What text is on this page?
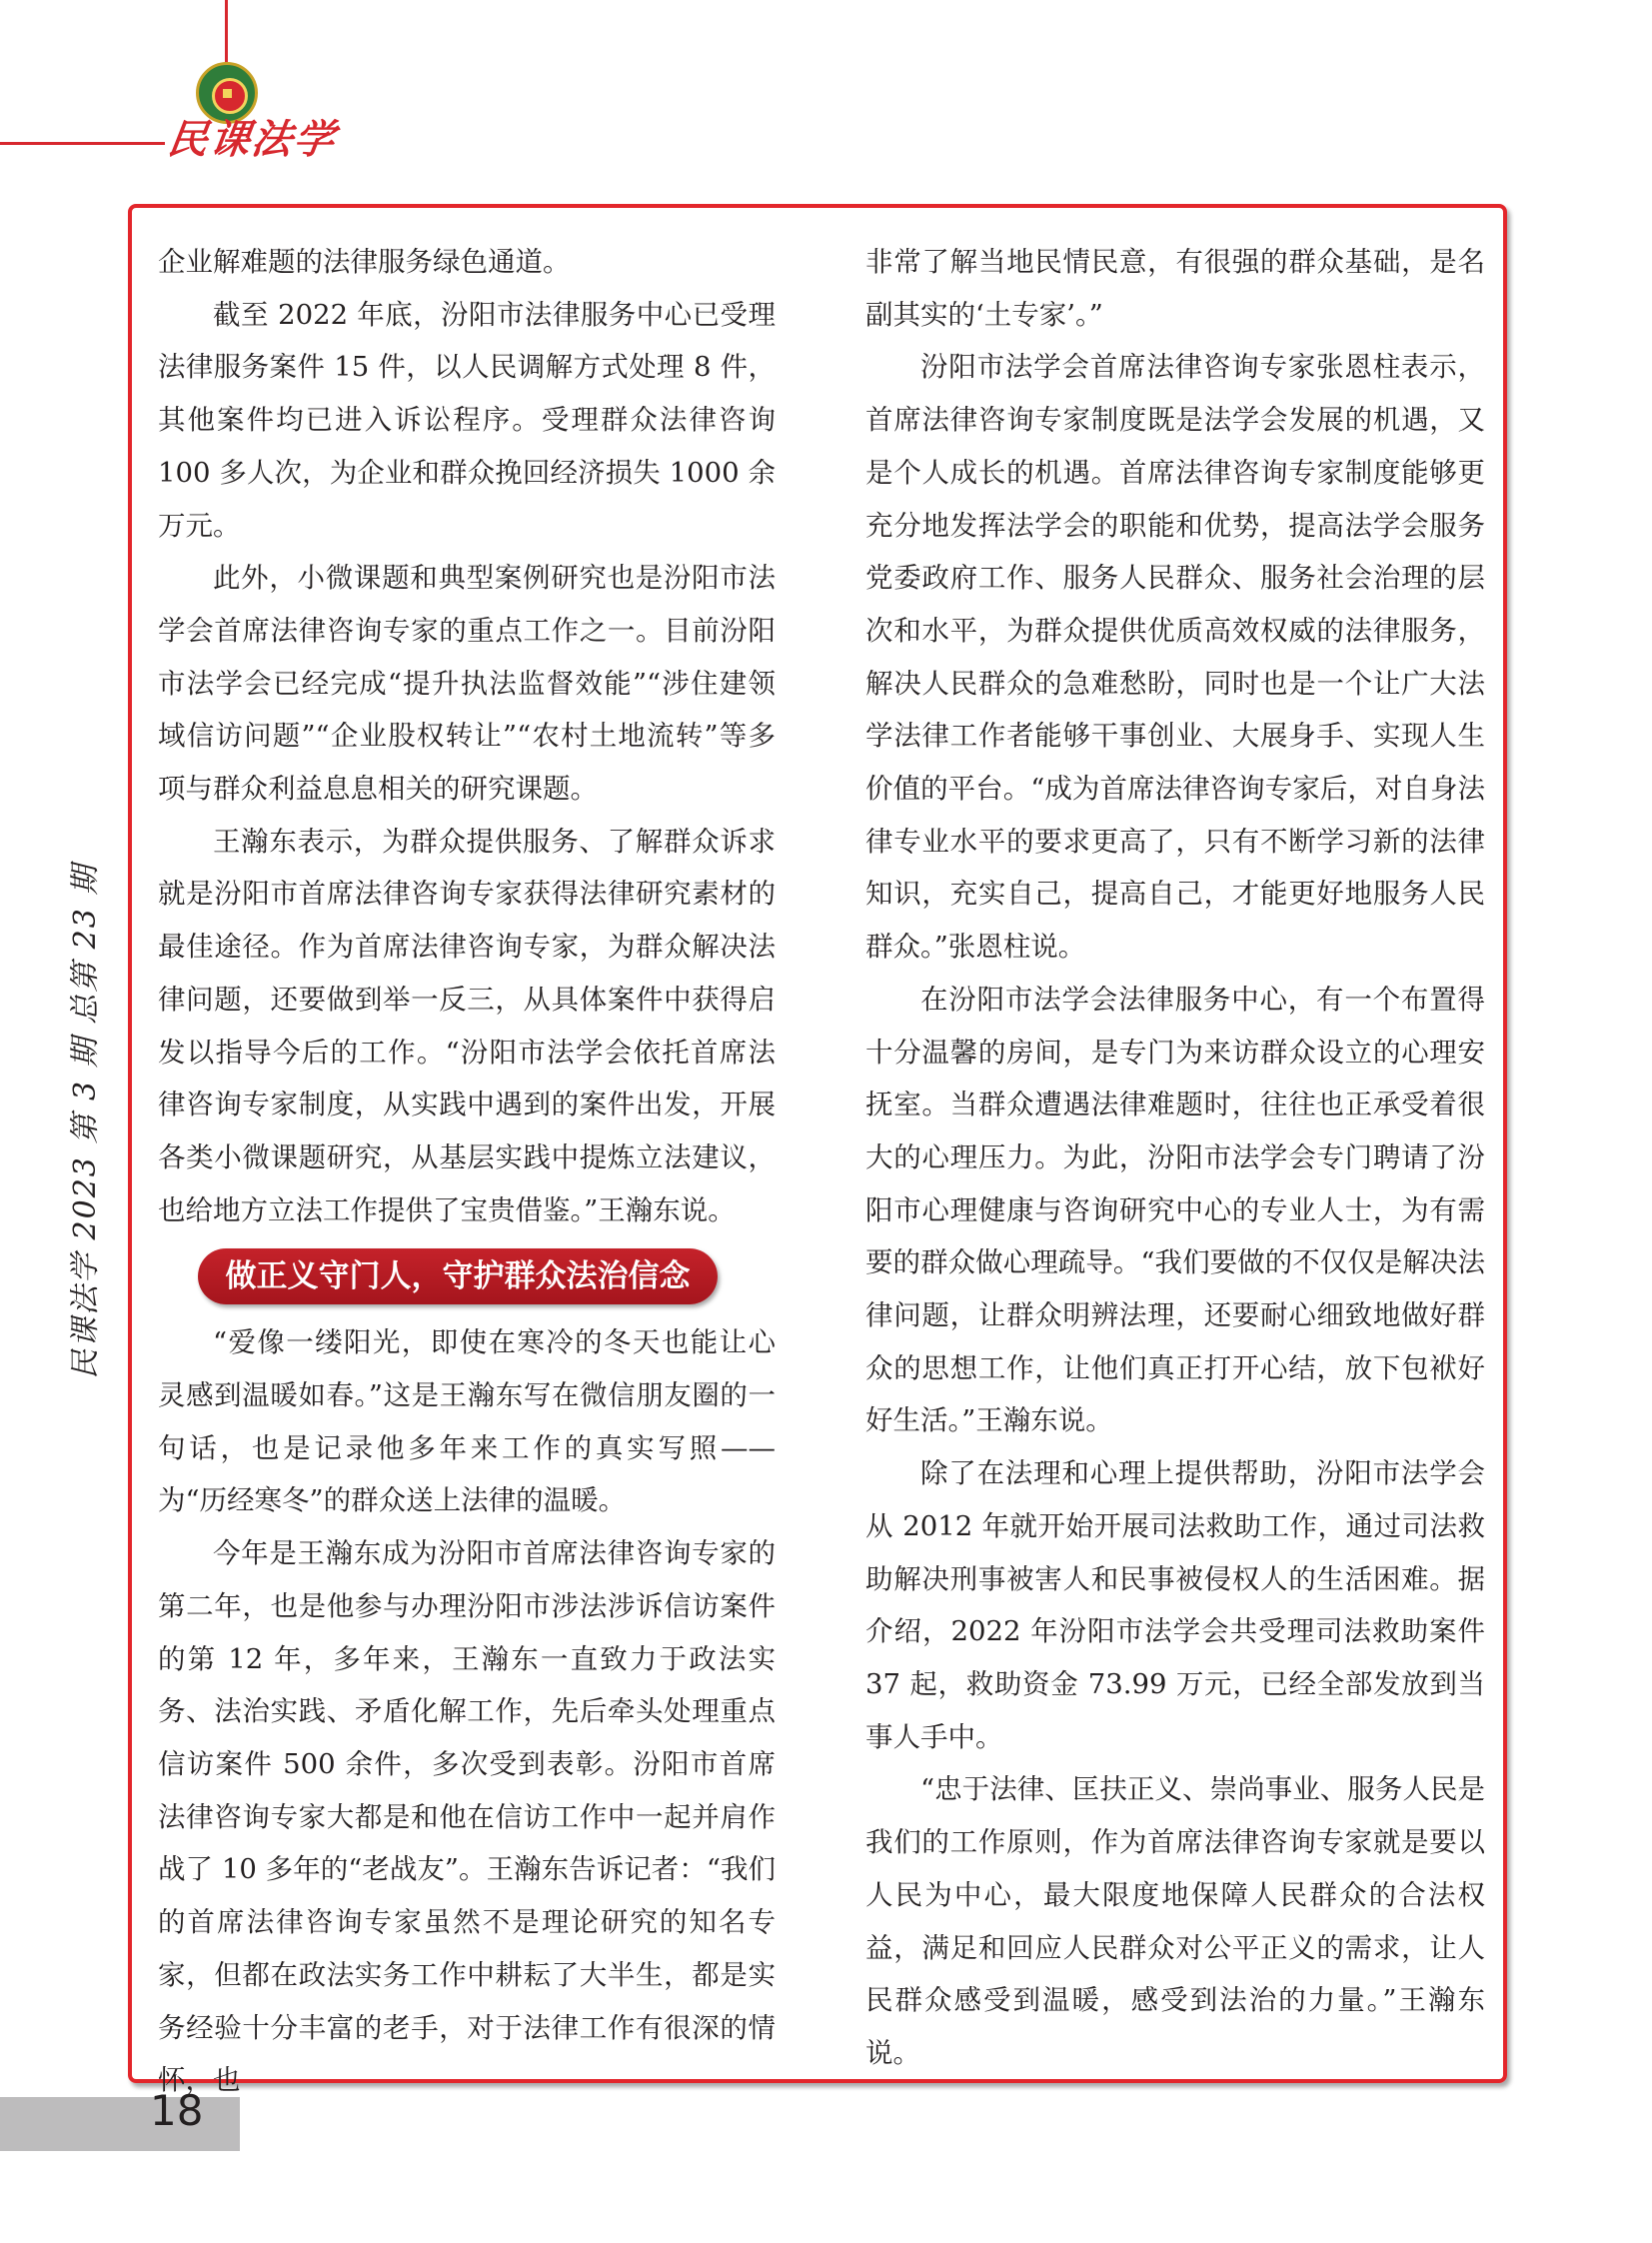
民课法学
民课法学 2023 第 3 期 总第 23 期

企业解难题的法律服务绿色通道。

截至 2022 年底，汾阳市法律服务中心已受理法律服务案件 15 件，以人民调解方式处理 8 件，其他案件均已进入诉讼程序。受理群众法律咨询 100 多人次，为企业和群众挽回经济损失 1000 余万元。

此外，小微课题和典型案例研究也是汾阳市法学会首席法律咨询专家的重点工作之一。目前汾阳市法学会已经完成“提升执法监督效能”“涉住建领域信访问题”“企业股权转让”“农村土地流转”等多项与群众利益息息相关的研究课题。

王瀚东表示，为群众提供服务、了解群众诉求就是汾阳市首席法律咨询专家获得法律研究素材的最佳途径。作为首席法律咨询专家，为群众解决法律问题，还要做到举一反三，从具体案件中获得启发以指导今后的工作。“汾阳市法学会依托首席法律咨询专家制度，从实践中遇到的案件出发，开展各类小微课题研究，从基层实践中提炼立法建议，也给地方立法工作提供了宝贵借鉴。”王瀚东说。

做正义守门人，守护群众法治信念

“爱像一缕阳光，即使在寒冷的冬天也能让心灵感到温暖如春。”这是王瀚东写在微信朋友圈的一句话，也是记录他多年来工作的真实写照——为“历经寒冬”的群众送上法律的温暖。

今年是王瀚东成为汾阳市首席法律咨询专家的第二年，也是他参与办理汾阳市涉法涉诉信访案件的第 12 年，多年来，王瀚东一直致力于政法实务、法治实践、矛盾化解工作，先后牵头处理重点信访案件 500 余件，多次受到表彰。汾阳市首席法律咨询专家大都是和他在信访工作中一起并肩作战了 10 多年的“老战友”。王瀚东告诉记者：“我们的首席法律咨询专家虽然不是理论研究的知名专家，但都在政法实务工作中耕耘了大半生，都是实务经验十分丰富的老手，对于法律工作有很深的情怀，也

非常了解当地民情民意，有很强的群众基础，是名副其实的‘土专家’。”

汾阳市法学会首席法律咨询专家张恩柱表示，首席法律咨询专家制度既是法学会发展的机遇，又是个人成长的机遇。首席法律咨询专家制度能够更充分地发挥法学会的职能和优势，提高法学会服务党委政府工作、服务人民群众、服务社会治理的层次和水平，为群众提供优质高效权威的法律服务，解决人民群众的急难愁盼，同时也是一个让广大法学法律工作者能够干事创业、大展身手、实现人生价值的平台。“成为首席法律咨询专家后，对自身法律专业水平的要求更高了，只有不断学习新的法律知识，充实自己，提高自己，才能更好地服务人民群众。”张恩柱说。

在汾阳市法学会法律服务中心，有一个布置得十分温馨的房间，是专门为来访群众设立的心理安抚室。当群众遭遇法律难题时，往往也正承受着很大的心理压力。为此，汾阳市法学会专门聘请了汾阳市心理健康与咨询研究中心的专业人士，为有需要的群众做心理疏导。“我们要做的不仅仅是解决法律问题，让群众明辨法理，还要耐心细致地做好群众的思想工作，让他们真正打开心结，放下包袱好好生活。”王瀚东说。

除了在法理和心理上提供帮助，汾阳市法学会从 2012 年就开始开展司法救助工作，通过司法救助解决刑事被害人和民事被侵权人的生活困难。据介绍，2022 年汾阳市法学会共受理司法救助案件 37 起，救助资金 73.99 万元，已经全部发放到当事人手中。

“忠于法律、匡扶正义、崇尚事业、服务人民是我们的工作原则，作为首席法律咨询专家就是要以人民为中心，最大限度地保障人民群众的合法权益，满足和回应人民群众对公平正义的需求，让人民群众感受到温暖，感受到法治的力量。”王瀚东说。

18
